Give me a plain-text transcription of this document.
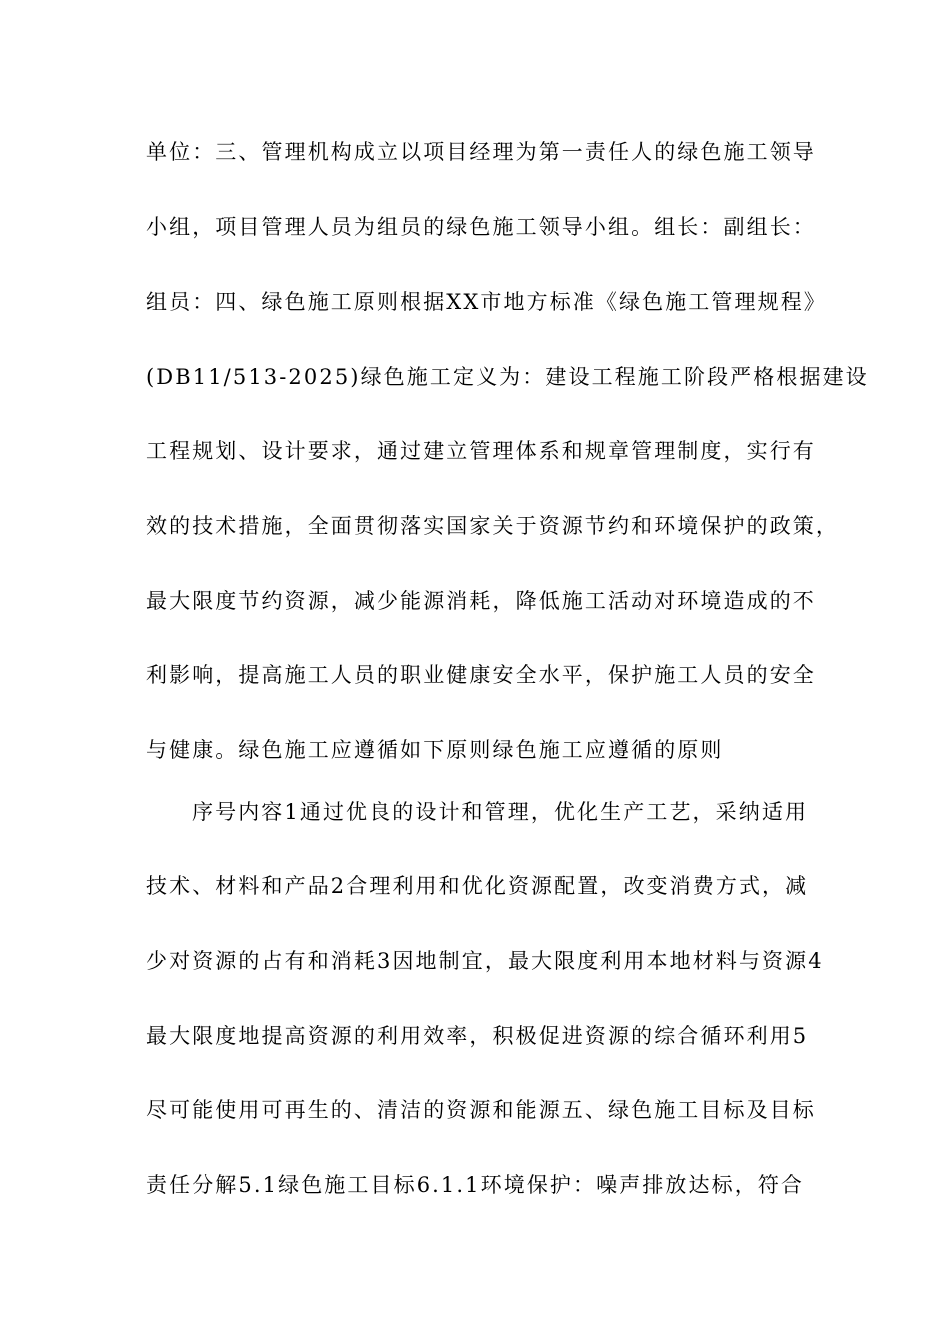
单位：三、管理机构成立以项目经理为第一责任人的绿色施工领导
小组，项目管理人员为组员的绿色施工领导小组。组长：副组长：
组员：四、绿色施工原则根据XX市地方标准《绿色施工管理规程》
(DB11/513-2025)绿色施工定义为：建设工程施工阶段严格根据建设
工程规划、设计要求，通过建立管理体系和规章管理制度，实行有
效的技术措施，全面贯彻落实国家关于资源节约和环境保护的政策，
最大限度节约资源，减少能源消耗，降低施工活动对环境造成的不
利影响，提高施工人员的职业健康安全水平，保护施工人员的安全
与健康。绿色施工应遵循如下原则绿色施工应遵循的原则
序号内容1通过优良的设计和管理，优化生产工艺，采纳适用
技术、材料和产品2合理利用和优化资源配置，改变消费方式，减
少对资源的占有和消耗3因地制宜，最大限度利用本地材料与资源4
最大限度地提高资源的利用效率，积极促进资源的综合循环利用5
尽可能使用可再生的、清洁的资源和能源五、绿色施工目标及目标
责任分解5.1绿色施工目标6.1.1环境保护：噪声排放达标，符合
